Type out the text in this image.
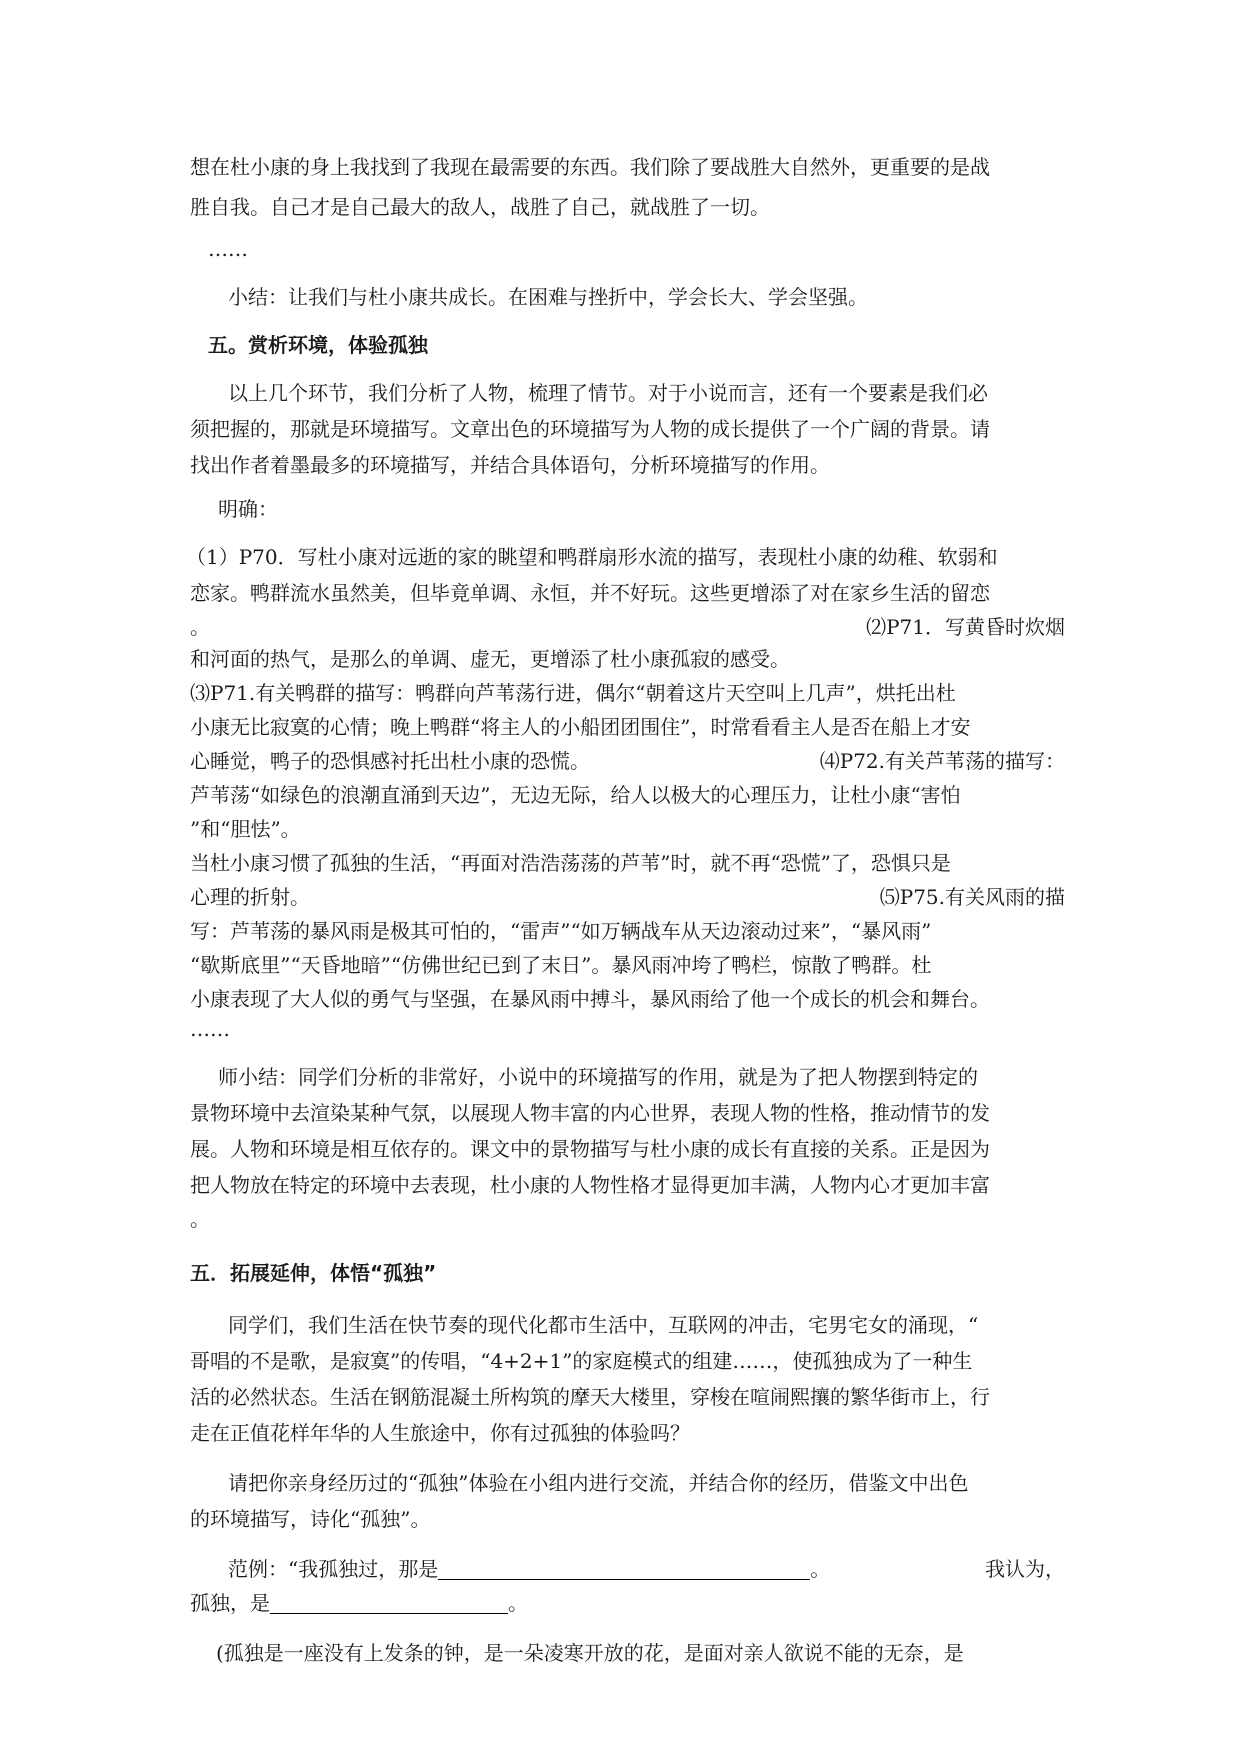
想在杜小康的身上我找到了我现在最需要的东西。我们除了要战胜大自然外，更重要的是战
胜自我。自己才是自己最大的敌人，战胜了自己，就战胜了一切。
……
小结：让我们与杜小康共成长。在困难与挫折中，学会长大、学会坚强。
五。赏析环境，体验孤独
以上几个环节，我们分析了人物，梳理了情节。对于小说而言，还有一个要素是我们必
须把握的，那就是环境描写。文章出色的环境描写为人物的成长提供了一个广阔的背景。请
找出作者着墨最多的环境描写，并结合具体语句，分析环境描写的作用。
明确：
（1）P70．写杜小康对远逝的家的眺望和鸭群扇形水流的描写，表现杜小康的幼稚、软弱和
恋家。鸭群流水虽然美，但毕竟单调、永恒，并不好玩。这些更增添了对在家乡生活的留恋
。	⑵P71．写黄昏时炊烟
和河面的热气，是那么的单调、虚无，更增添了杜小康孤寂的感受。
⑶P71.有关鸭群的描写：鸭群向芦苇荡行进，偶尔“朝着这片天空叫上几声”，烘托出杜
小康无比寂寞的心情；晚上鸭群“将主人的小船团团围住”，时常看看主人是否在船上才安
心睡觉，鸭子的恐惧感衬托出杜小康的恐慌。	⑷P72.有关芦苇荡的描写：
芦苇荡“如绿色的浪潮直涌到天边”，无边无际，给人以极大的心理压力，让杜小康“害怕
”和“胆怯”。
当杜小康习惯了孤独的生活，“再面对浩浩荡荡的芦苇”时，就不再“恐慌”了，恐惧只是
心理的折射。	⑸P75.有关风雨的描
写：芦苇荡的暴风雨是极其可怕的，“雷声”“如万辆战车从天边滚动过来”，“暴风雨”
“歇斯底里”“天昏地暗”“仿佛世纪已到了末日”。暴风雨冲垮了鸭栏，惊散了鸭群。杜
小康表现了大人似的勇气与坚强，在暴风雨中搏斗，暴风雨给了他一个成长的机会和舞台。
……
师小结：同学们分析的非常好，小说中的环境描写的作用，就是为了把人物摆到特定的
景物环境中去渲染某种气氛，以展现人物丰富的内心世界，表现人物的性格，推动情节的发
展。人物和环境是相互依存的。课文中的景物描写与杜小康的成长有直接的关系。正是因为
把人物放在特定的环境中去表现，杜小康的人物性格才显得更加丰满，人物内心才更加丰富
。
五．拓展延伸，体悟“孤独”
同学们，我们生活在快节奏的现代化都市生活中，互联网的冲击，宅男宅女的涌现，“
哥唱的不是歌，是寂寞”的传唱，“4+2+1”的家庭模式的组建……，使孤独成为了一种生
活的必然状态。生活在钢筋混凝土所构筑的摩天大楼里，穿梭在喧闹熙攘的繁华街市上，行
走在正值花样年华的人生旅途中，你有过孤独的体验吗？
请把你亲身经历过的“孤独”体验在小组内进行交流，并结合你的经历，借鉴文中出色
的环境描写，诗化“孤独”。
范例：“我孤独过，那是	。	我认为，
孤独，是	。
(孤独是一座没有上发条的钟，是一朵凌寒开放的花，是面对亲人欲说不能的无奈，是
